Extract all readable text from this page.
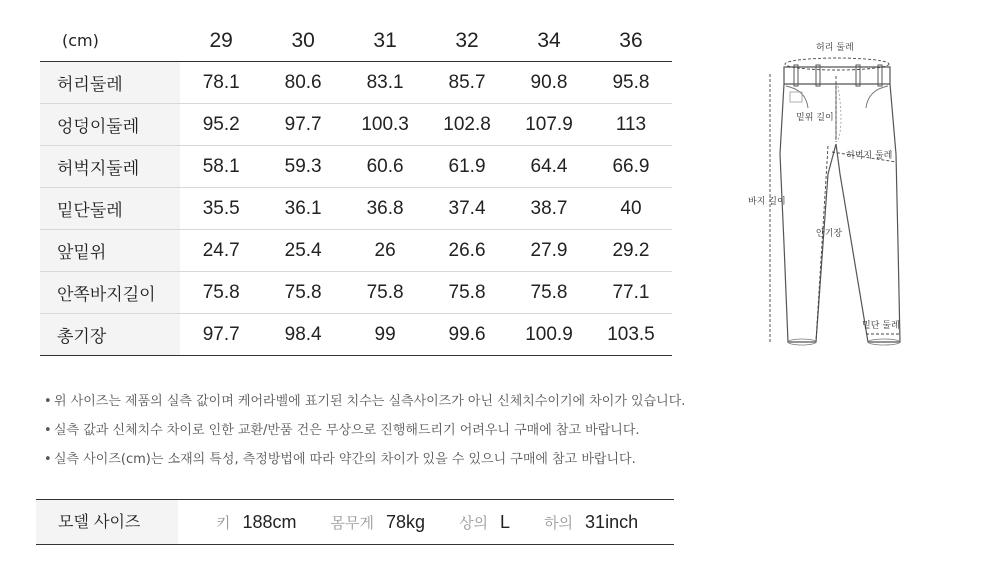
(cm)	29	30	31	32	34	36
허리둘레	78.1	80.6	83.1	85.7	90.8	95.8
엉덩이둘레	95.2	97.7	100.3	102.8	107.9	113
허벅지둘레	58.1	59.3	60.6	61.9	64.4	66.9
밑단둘레	35.5	36.1	36.8	37.4	38.7	40
앞밑위	24.7	25.4	26	26.6	27.9	29.2
안쪽바지길이	75.8	75.8	75.8	75.8	75.8	77.1
총기장	97.7	98.4	99	99.6	100.9	103.5
• 위 사이즈는 제품의 실측 값이며 케어라벨에 표기된 치수는 실측사이즈가 아닌 신체치수이기에 차이가 있습니다.
• 실측 값과 신체치수 차이로 인한 교환/반품 건은 무상으로 진행해드리기 어려우니 구매에 참고 바랍니다.
• 실측 사이즈(cm)는 소재의 특성, 측정방법에 따라 약간의 차이가 있을 수 있으니 구매에 참고 바랍니다.
모델 사이즈	키 188cm 몸무게 78kg 상의 L 하의 31inch
허리 둘레
밑위 길이
허벅지 둘레
바지 길이
안기장
밑단 둘레
